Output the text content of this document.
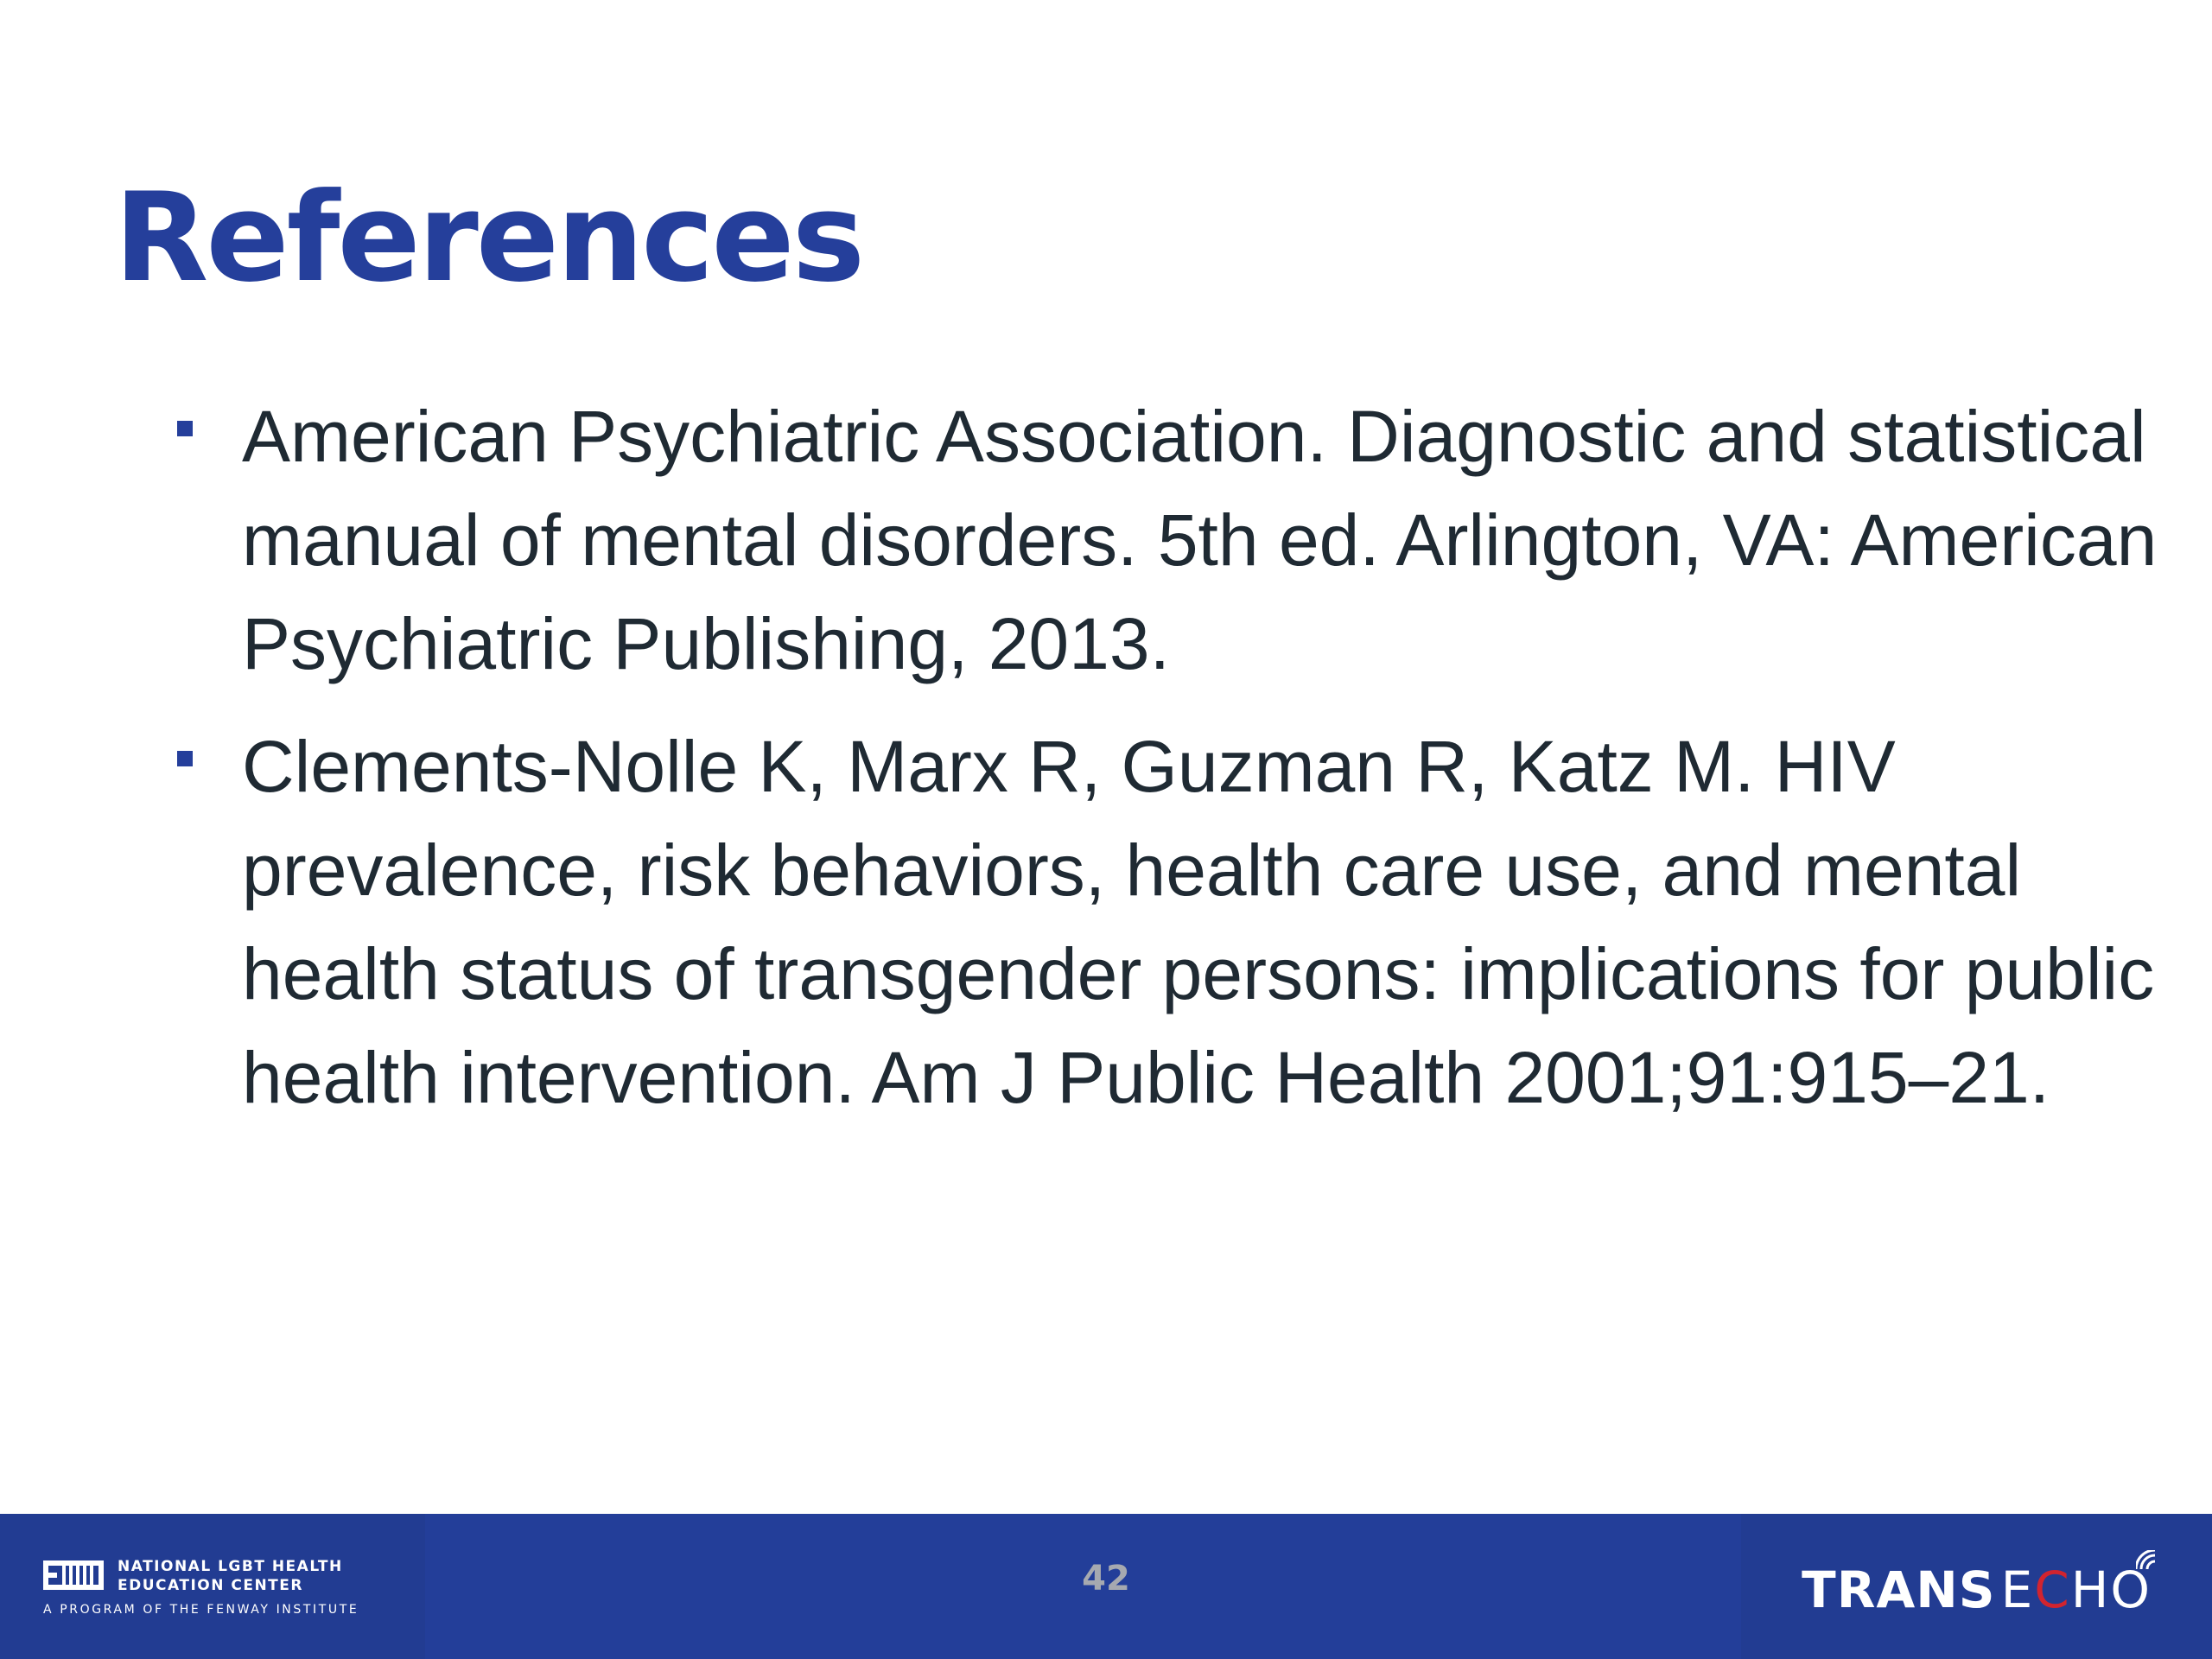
References
American Psychiatric Association. Diagnostic and statistical manual of mental disorders. 5th ed. Arlington, VA: American Psychiatric Publishing, 2013.
Clements-Nolle K, Marx R, Guzman R, Katz M. HIV prevalence, risk behaviors, health care use, and mental health status of transgender persons: implications for public health intervention. Am J Public Health 2001;91:915–21.
NATIONAL LGBT HEALTH
EDUCATION CENTER
A PROGRAM OF THE FENWAY INSTITUTE
42	TRANS ECHO
